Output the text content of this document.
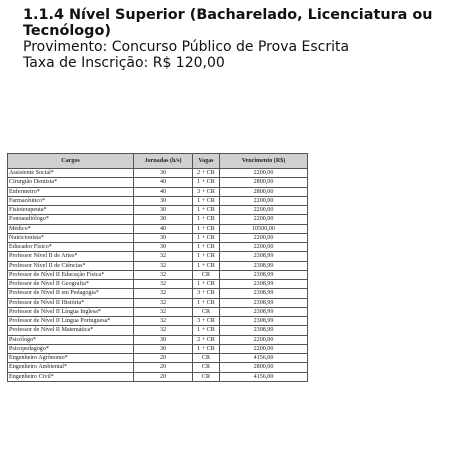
1.1.4 Nível Superior (Bacharelado, Licenciatura ou Tecnólogo)

Provimento: Concurso Público de Prova Escrita

Taxa de Inscrição: R$ 120,00

Cargos	Jornadas (h/s)	Vagas	Vencimento (R$)
Assistente Social*	30	2 + CR	2200,00
Cirurgião Dentista*	40	1 + CR	2800,00
Enfermeiro*	40	3 + CR	2800,00
Farmacêutico*	30	1 + CR	2200,00
Fisioterapeuta*	30	1 + CR	2200,00
Fonoaudiólogo*	30	1 + CR	2200,00
Médico*	40	1 + CR	10500,00
Nutricionista*	30	1 + CR	2200,00
Educador Físico*	30	1 + CR	2200,00
Professor Nível II de Artes*	32	1 + CR	2308,99
Professor Nível II de Ciências*	32	1 + CR	2308,99
Professor de Nível II Educação Física*	32	CR	2308,99
Professor de Nível II Geografia*	32	1 + CR	2308,99
Professor de Nível II em Pedagogia*	32	3 + CR	2308,99
Professor de Nível II História*	32	1 + CR	2308,99
Professor de Nível II Língua Inglesa*	32	CR	2308,99
Professor de Nível II Língua Portuguesa*	32	3 + CR	2308,99
Professor de Nível II Matemática*	32	1 + CR	2308,99
Psicólogo*	30	2 + CR	2200,00
Psicopedagogo*	30	1 + CR	2200,00
Engenheiro Agrônomo*	20	CR	4156,00
Engenheiro Ambiental*	20	CR	2800,00
Engenheiro Civil*	20	CR	4156,00
